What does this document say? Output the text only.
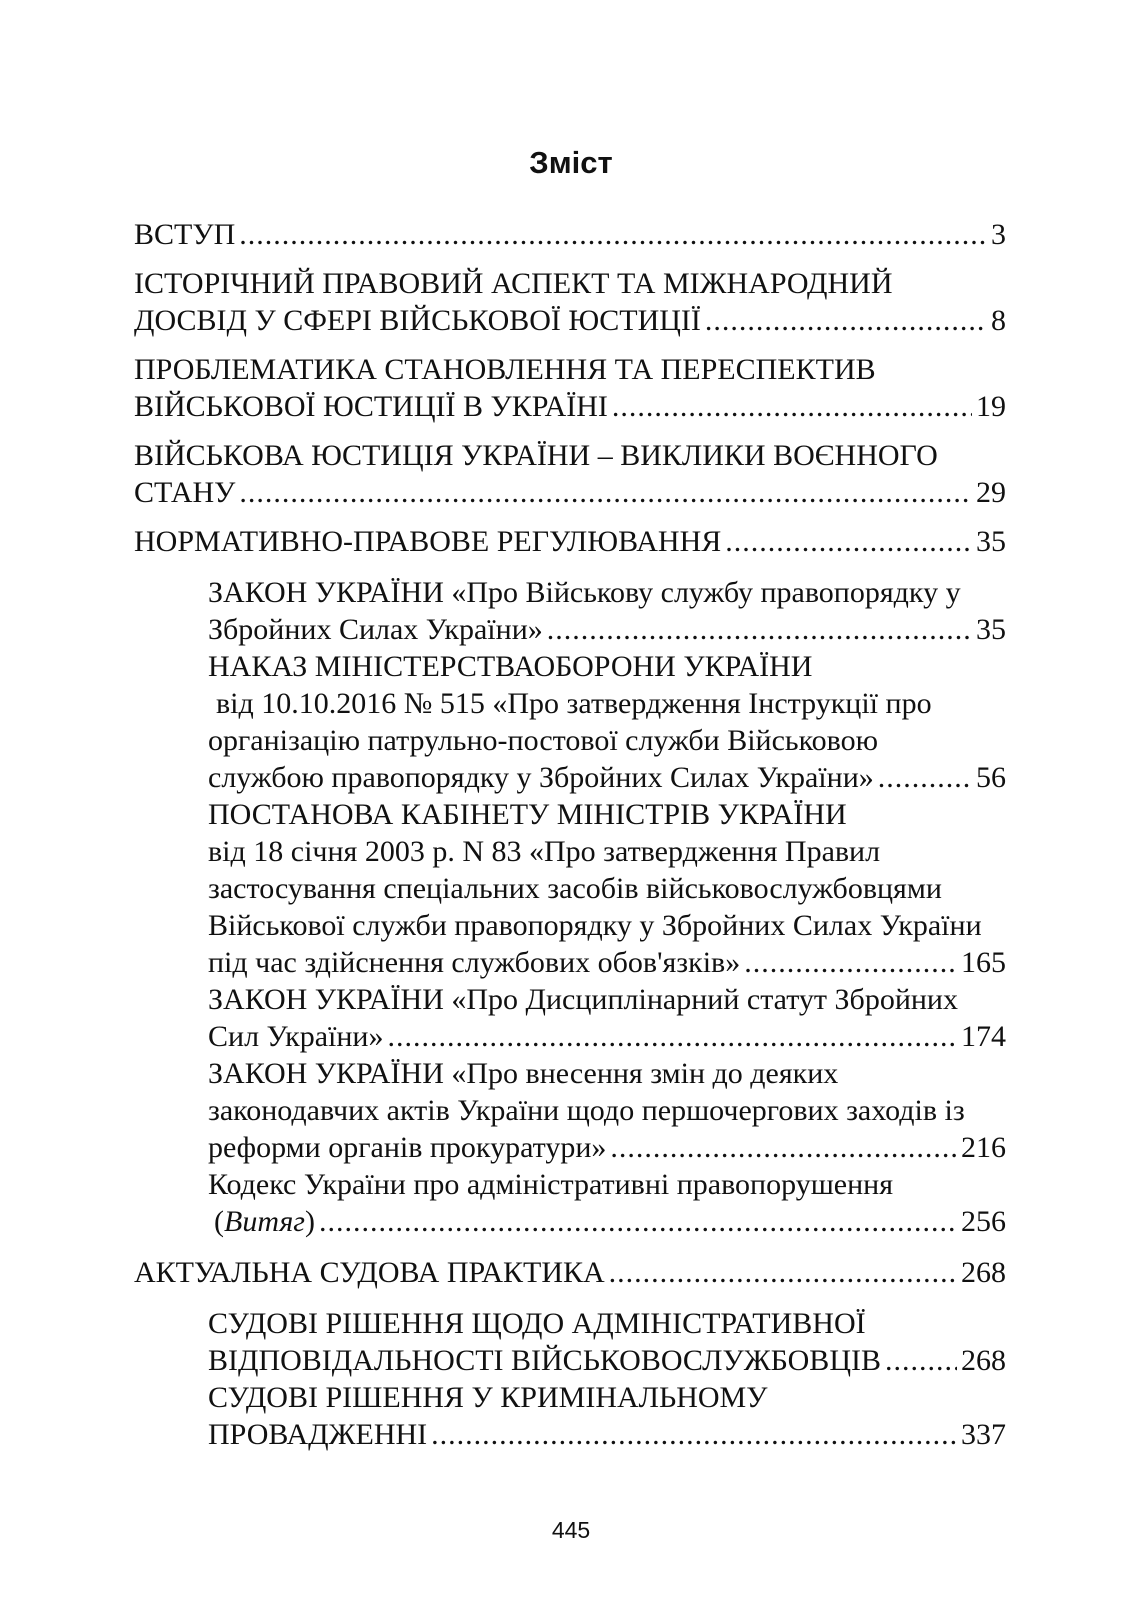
Зміст
ВСТУП .....	3
ІСТОРІЧНИЙ ПРАВОВИЙ АСПЕКТ ТА МІЖНАРОДНИЙ
ДОСВІД У СФЕРІ ВІЙСЬКОВОЇ ЮСТИЦІЇ .....	8
ПРОБЛЕМАТИКА СТАНОВЛЕННЯ ТА ПЕРЕСПЕКТИВ
ВІЙСЬКОВОЇ ЮСТИЦІЇ В УКРАЇНІ .....	19
ВІЙСЬКОВА ЮСТИЦІЯ УКРАЇНИ – ВИКЛИКИ ВОЄННОГО
СТАНУ .....	29
НОРМАТИВНО-ПРАВОВЕ РЕГУЛЮВАННЯ .....	35
ЗАКОН УКРАЇНИ «Про Військову службу правопорядку у
Збройних Силах України» .....	35
НАКАЗ МІНІСТЕРСТВАОБОРОНИ УКРАЇНИ
від 10.10.2016 № 515 «Про затвердження Інструкції про
організацію патрульно-постової служби Військовою
службою правопорядку у Збройних Силах України» .....	56
ПОСТАНОВА КАБІНЕТУ МІНІСТРІВ УКРАЇНИ
від 18 січня 2003 р. N 83 «Про затвердження Правил
застосування спеціальних засобів військовослужбовцями
Військової служби правопорядку у Збройних Силах України
під час здійснення службових обов'язків» .....	165
ЗАКОН УКРАЇНИ «Про Дисциплінарний статут Збройних
Сил України» .....	174
ЗАКОН УКРАЇНИ «Про внесення змін до деяких
законодавчих актів України щодо першочергових заходів із
реформи органів прокуратури» .....	216
Кодекс України про адміністративні правопорушення
(Витяг) .....	256
АКТУАЛЬНА СУДОВА ПРАКТИКА .....	268
СУДОВІ РІШЕННЯ ЩОДО АДМІНІСТРАТИВНОЇ
ВІДПОВІДАЛЬНОСТІ ВІЙСЬКОВОСЛУЖБОВЦІВ .....	268
СУДОВІ РІШЕННЯ У КРИМІНАЛЬНОМУ
ПРОВАДЖЕННІ .....	337
445
